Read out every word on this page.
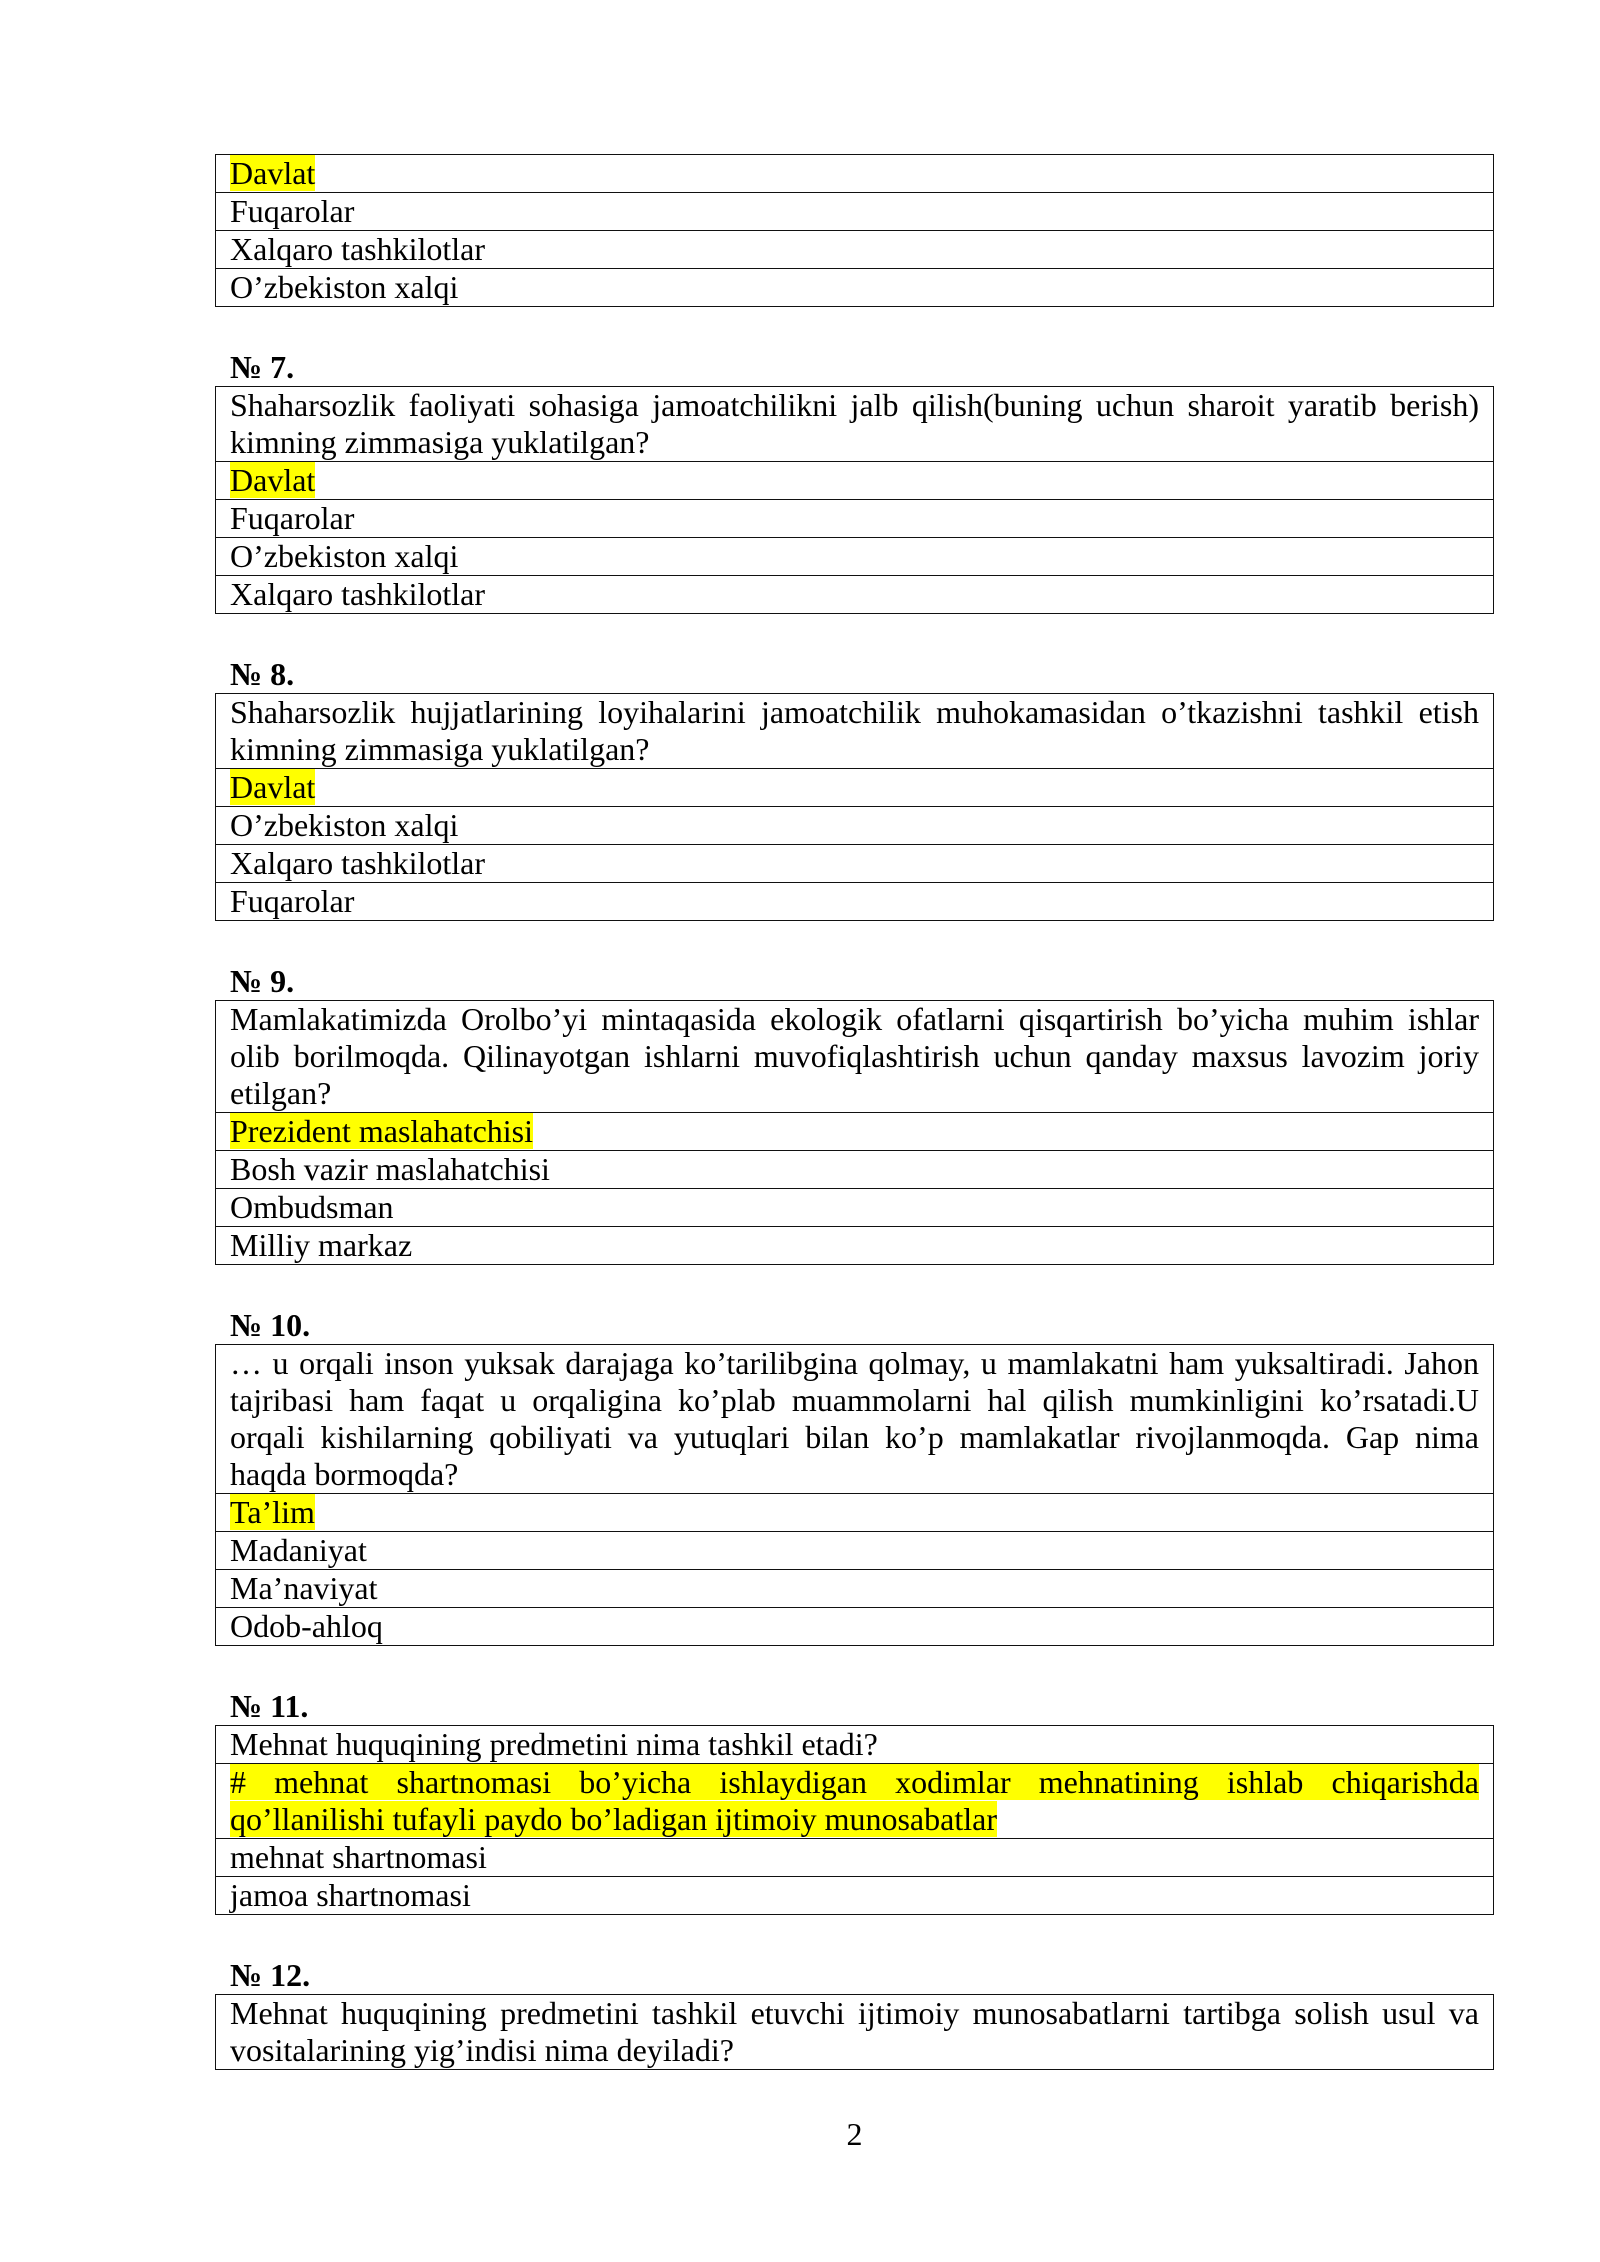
Davlat
Fuqarolar
Xalqaro tashkilotlar
O’zbekiston xalqi
№ 7.
Shaharsozlik faoliyati sohasiga jamoatchilikni jalb qilish(buning uchun sharoit yaratib berish) kimning zimmasiga yuklatilgan?
Davlat
Fuqarolar
O’zbekiston xalqi
Xalqaro tashkilotlar
№ 8.
Shaharsozlik hujjatlarining loyihalarini jamoatchilik muhokamasidan o’tkazishni tashkil etish kimning zimmasiga yuklatilgan?
Davlat
O’zbekiston xalqi
Xalqaro tashkilotlar
Fuqarolar
№ 9.
Mamlakatimizda Orolbo’yi mintaqasida ekologik ofatlarni qisqartirish bo’yicha muhim ishlar olib borilmoqda. Qilinayotgan ishlarni muvofiqlashtirish uchun qanday maxsus lavozim joriy etilgan?
Prezident maslahatchisi
Bosh vazir maslahatchisi
Ombudsman
Milliy markaz
№ 10.
… u orqali inson yuksak darajaga ko’tarilibgina qolmay, u mamlakatni ham yuksaltiradi. Jahon tajribasi ham faqat u orqaligina ko’plab muammolarni hal qilish mumkinligini ko’rsatadi.U orqali kishilarning qobiliyati va yutuqlari bilan ko’p mamlakatlar rivojlanmoqda. Gap nima haqda bormoqda?
Ta’lim
Madaniyat
Ma’naviyat
Odob-ahloq
№ 11.
Mehnat huquqining predmetini nima tashkil etadi?
# mehnat shartnomasi bo’yicha ishlaydigan xodimlar mehnatining ishlab chiqarishda qo’llanilishi tufayli paydo bo’ladigan ijtimoiy munosabatlar
mehnat shartnomasi
jamoa shartnomasi
№ 12.
Mehnat huquqining predmetini tashkil etuvchi ijtimoiy munosabatlarni tartibga solish usul va vositalarining yig’indisi nima deyiladi?
2
